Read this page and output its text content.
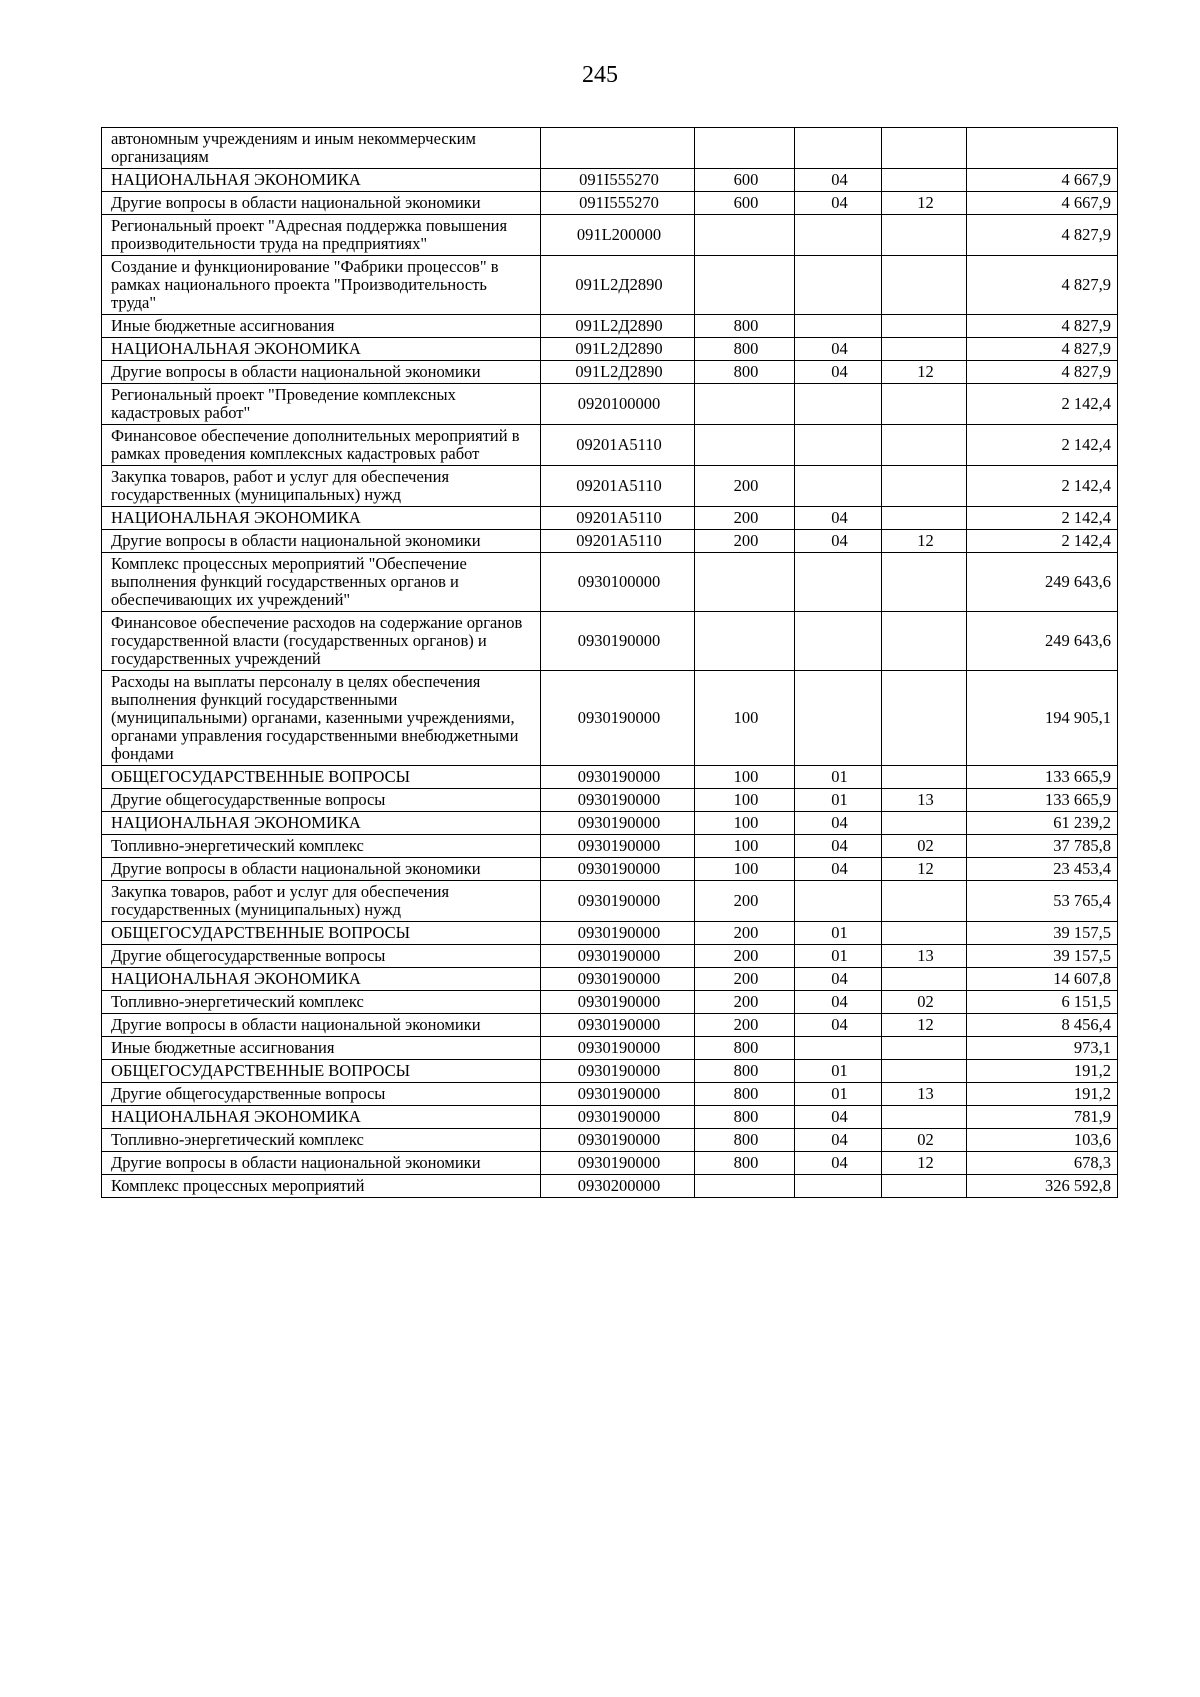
245
автономным учреждениям и иным некоммерческим организациям					
НАЦИОНАЛЬНАЯ ЭКОНОМИКА	091I555270	600	04		4 667,9
Другие вопросы в области национальной экономики	091I555270	600	04	12	4 667,9
Региональный проект "Адресная поддержка повышения производительности труда на предприятиях"	091L200000				4 827,9
Создание и функционирование "Фабрики процессов" в рамках национального проекта "Производительность труда"	091L2Д2890				4 827,9
Иные бюджетные ассигнования	091L2Д2890	800			4 827,9
НАЦИОНАЛЬНАЯ ЭКОНОМИКА	091L2Д2890	800	04		4 827,9
Другие вопросы в области национальной экономики	091L2Д2890	800	04	12	4 827,9
Региональный проект "Проведение комплексных кадастровых работ"	0920100000				2 142,4
Финансовое обеспечение дополнительных мероприятий в рамках проведения комплексных кадастровых работ	09201A5110				2 142,4
Закупка товаров, работ и услуг для обеспечения государственных (муниципальных) нужд	09201A5110	200			2 142,4
НАЦИОНАЛЬНАЯ ЭКОНОМИКА	09201A5110	200	04		2 142,4
Другие вопросы в области национальной экономики	09201A5110	200	04	12	2 142,4
Комплекс процессных мероприятий "Обеспечение выполнения функций государственных органов и обеспечивающих их учреждений"	0930100000				249 643,6
Финансовое обеспечение расходов на содержание органов государственной власти (государственных органов) и государственных учреждений	0930190000				249 643,6
Расходы на выплаты персоналу в целях обеспечения выполнения функций государственными (муниципальными) органами, казенными учреждениями, органами управления государственными внебюджетными фондами	0930190000	100			194 905,1
ОБЩЕГОСУДАРСТВЕННЫЕ ВОПРОСЫ	0930190000	100	01		133 665,9
Другие общегосударственные вопросы	0930190000	100	01	13	133 665,9
НАЦИОНАЛЬНАЯ ЭКОНОМИКА	0930190000	100	04		61 239,2
Топливно-энергетический комплекс	0930190000	100	04	02	37 785,8
Другие вопросы в области национальной экономики	0930190000	100	04	12	23 453,4
Закупка товаров, работ и услуг для обеспечения государственных (муниципальных) нужд	0930190000	200			53 765,4
ОБЩЕГОСУДАРСТВЕННЫЕ ВОПРОСЫ	0930190000	200	01		39 157,5
Другие общегосударственные вопросы	0930190000	200	01	13	39 157,5
НАЦИОНАЛЬНАЯ ЭКОНОМИКА	0930190000	200	04		14 607,8
Топливно-энергетический комплекс	0930190000	200	04	02	6 151,5
Другие вопросы в области национальной экономики	0930190000	200	04	12	8 456,4
Иные бюджетные ассигнования	0930190000	800			973,1
ОБЩЕГОСУДАРСТВЕННЫЕ ВОПРОСЫ	0930190000	800	01		191,2
Другие общегосударственные вопросы	0930190000	800	01	13	191,2
НАЦИОНАЛЬНАЯ ЭКОНОМИКА	0930190000	800	04		781,9
Топливно-энергетический комплекс	0930190000	800	04	02	103,6
Другие вопросы в области национальной экономики	0930190000	800	04	12	678,3
Комплекс процессных мероприятий	0930200000				326 592,8
